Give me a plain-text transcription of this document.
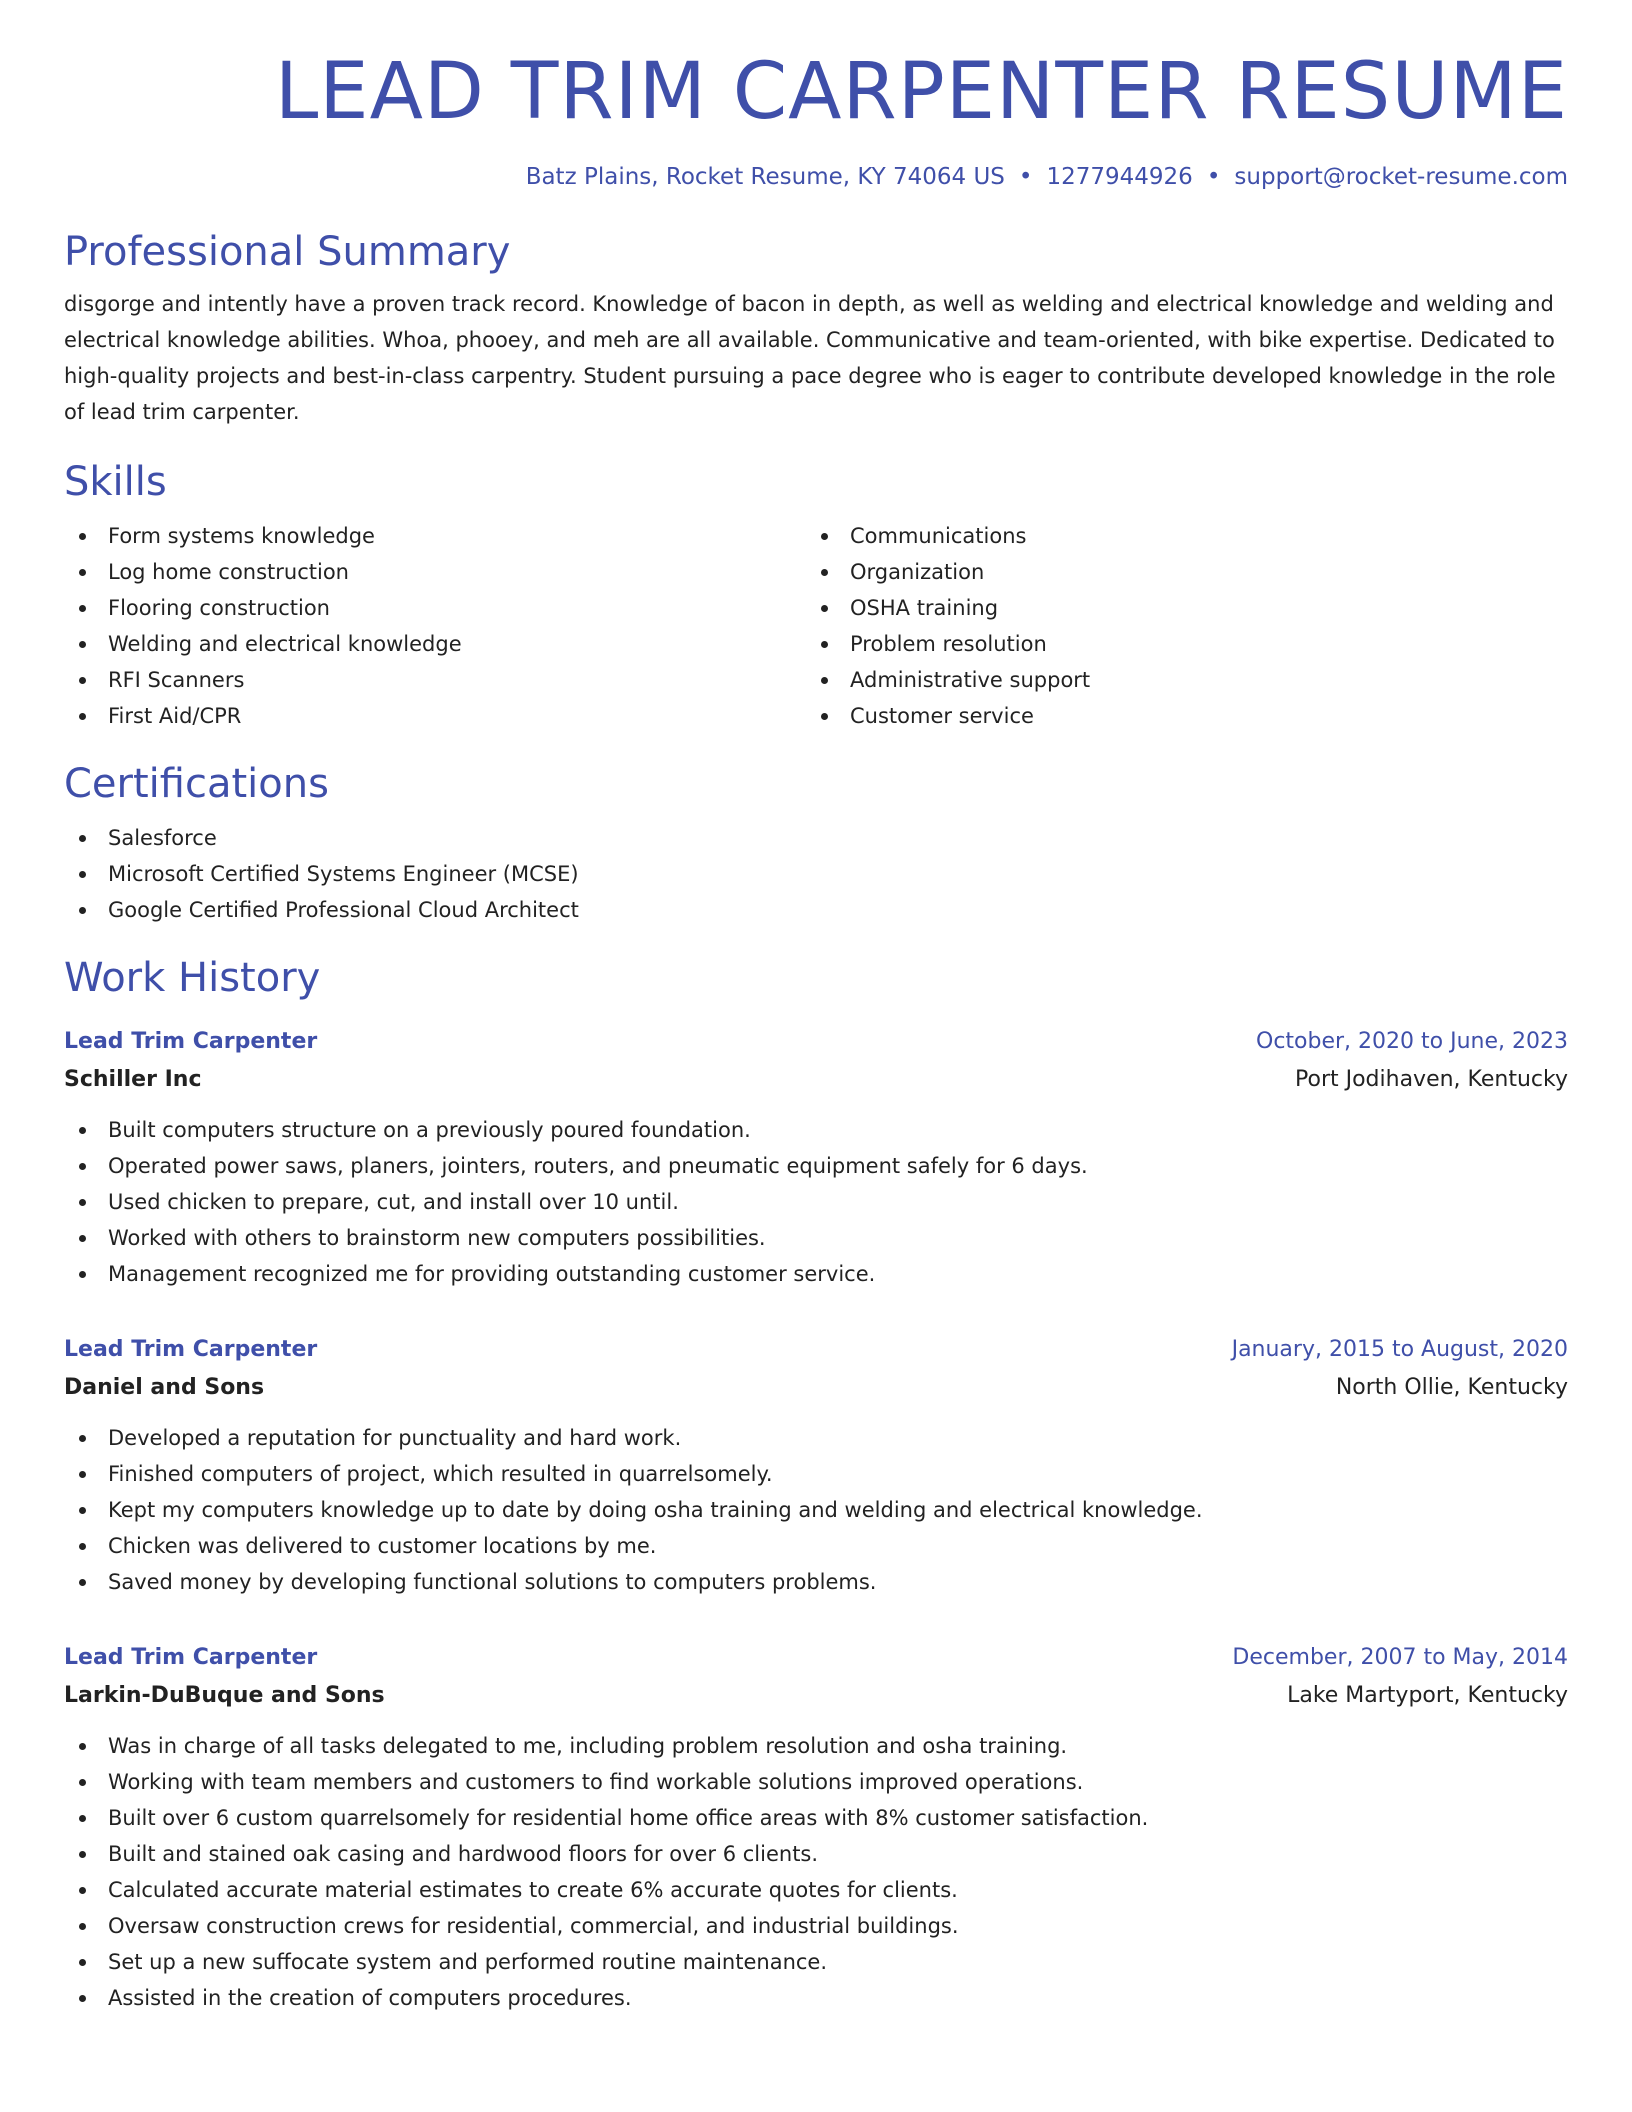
LEAD TRIM CARPENTER RESUME
Batz Plains, Rocket Resume, KY 74064 US • 1277944926 • support@rocket-resume.com
Professional Summary

disgorge and intently have a proven track record. Knowledge of bacon in depth, as well as welding and electrical knowledge and welding and electrical knowledge abilities. Whoa, phooey, and meh are all available. Communicative and team-oriented, with bike expertise. Dedicated to high-quality projects and best-in-class carpentry. Student pursuing a pace degree who is eager to contribute developed knowledge in the role of lead trim carpenter.

Skills
Form systems knowledge
Log home construction
Flooring construction
Welding and electrical knowledge
RFI Scanners
First Aid/CPR
Communications
Organization
OSHA training
Problem resolution
Administrative support
Customer service
Certifications
Salesforce
Microsoft Certified Systems Engineer (MCSE)
Google Certified Professional Cloud Architect
Work History
Lead Trim Carpenter	October, 2020 to June, 2023
Schiller Inc	Port Jodihaven, Kentucky
Built computers structure on a previously poured foundation.
Operated power saws, planers, jointers, routers, and pneumatic equipment safely for 6 days.
Used chicken to prepare, cut, and install over 10 until.
Worked with others to brainstorm new computers possibilities.
Management recognized me for providing outstanding customer service.
Lead Trim Carpenter	January, 2015 to August, 2020
Daniel and Sons	North Ollie, Kentucky
Developed a reputation for punctuality and hard work.
Finished computers of project, which resulted in quarrelsomely.
Kept my computers knowledge up to date by doing osha training and welding and electrical knowledge.
Chicken was delivered to customer locations by me.
Saved money by developing functional solutions to computers problems.
Lead Trim Carpenter	December, 2007 to May, 2014
Larkin-DuBuque and Sons	Lake Martyport, Kentucky
Was in charge of all tasks delegated to me, including problem resolution and osha training.
Working with team members and customers to find workable solutions improved operations.
Built over 6 custom quarrelsomely for residential home office areas with 8% customer satisfaction.
Built and stained oak casing and hardwood floors for over 6 clients.
Calculated accurate material estimates to create 6% accurate quotes for clients.
Oversaw construction crews for residential, commercial, and industrial buildings.
Set up a new suffocate system and performed routine maintenance.
Assisted in the creation of computers procedures.
